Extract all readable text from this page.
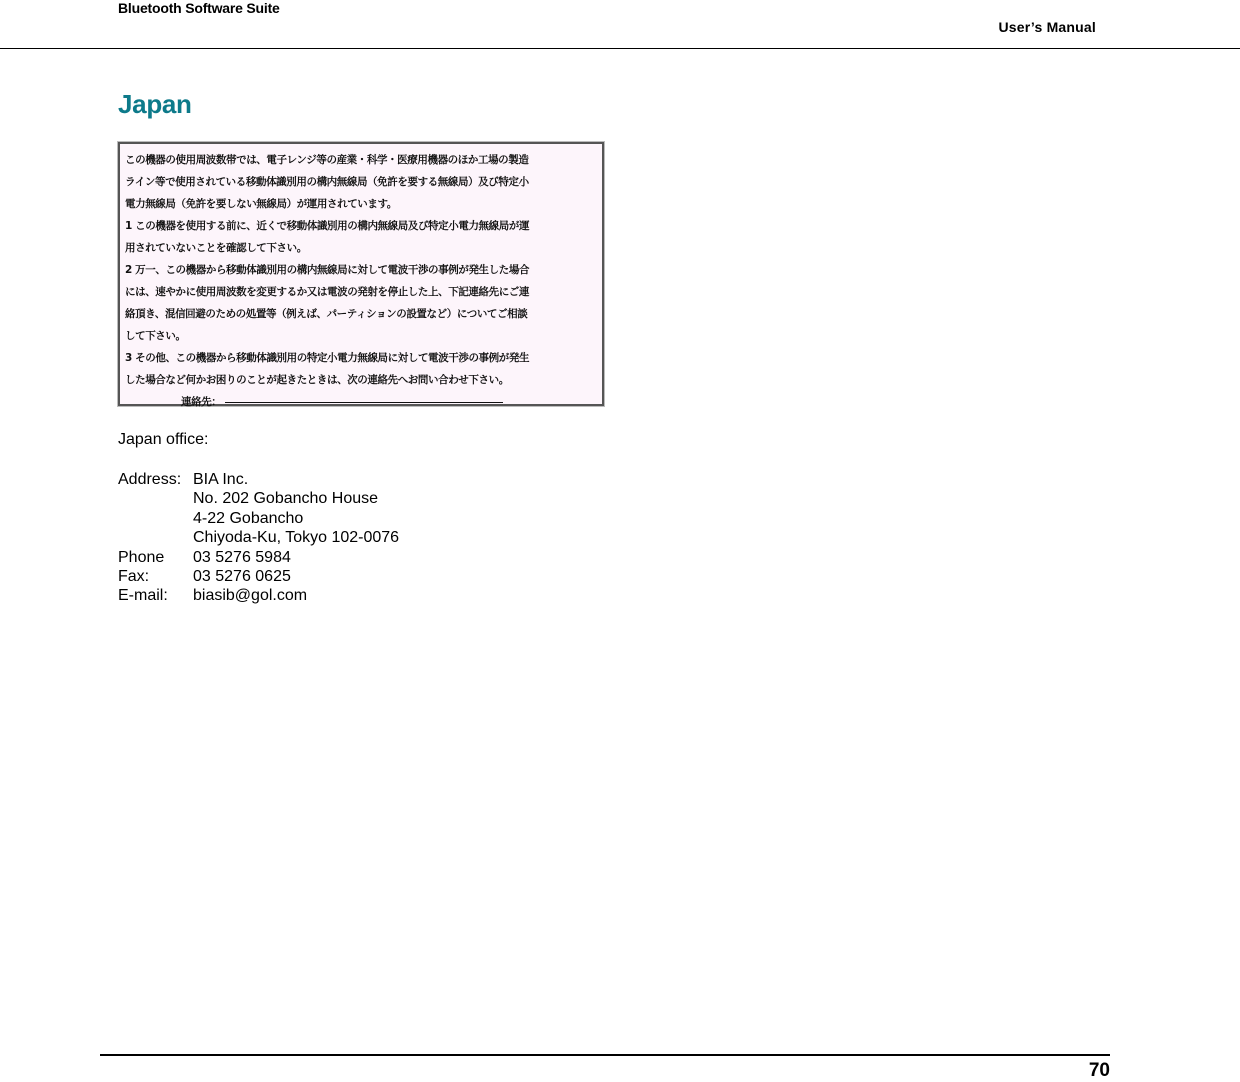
Bluetooth Software Suite
User’s Manual
Japan
この機器の使用周波数帯では、電子レンジ等の産業・科学・医療用機器のほか工場の製造
ライン等で使用されている移動体識別用の構内無線局（免許を要する無線局）及び特定小
電力無線局（免許を要しない無線局）が運用されています。
1 この機器を使用する前に、近くで移動体識別用の構内無線局及び特定小電力無線局が運
用されていないことを確認して下さい。
2 万一、この機器から移動体識別用の構内無線局に対して電波干渉の事例が発生した場合
には、速やかに使用周波数を変更するか又は電波の発射を停止した上、下記連絡先にご連
絡頂き、混信回避のための処置等（例えば、パーティションの設置など）についてご相談
して下さい。
3 その他、この機器から移動体識別用の特定小電力無線局に対して電波干渉の事例が発生
した場合など何かお困りのことが起きたときは、次の連絡先へお問い合わせ下さい。
連絡先：
Japan office:
Address: BIA Inc.
No. 202 Gobancho House
4-22 Gobancho
Chiyoda-Ku, Tokyo 102-0076
Phone	03 5276 5984
Fax:	03 5276 0625
E-mail:	biasib@gol.com
70
